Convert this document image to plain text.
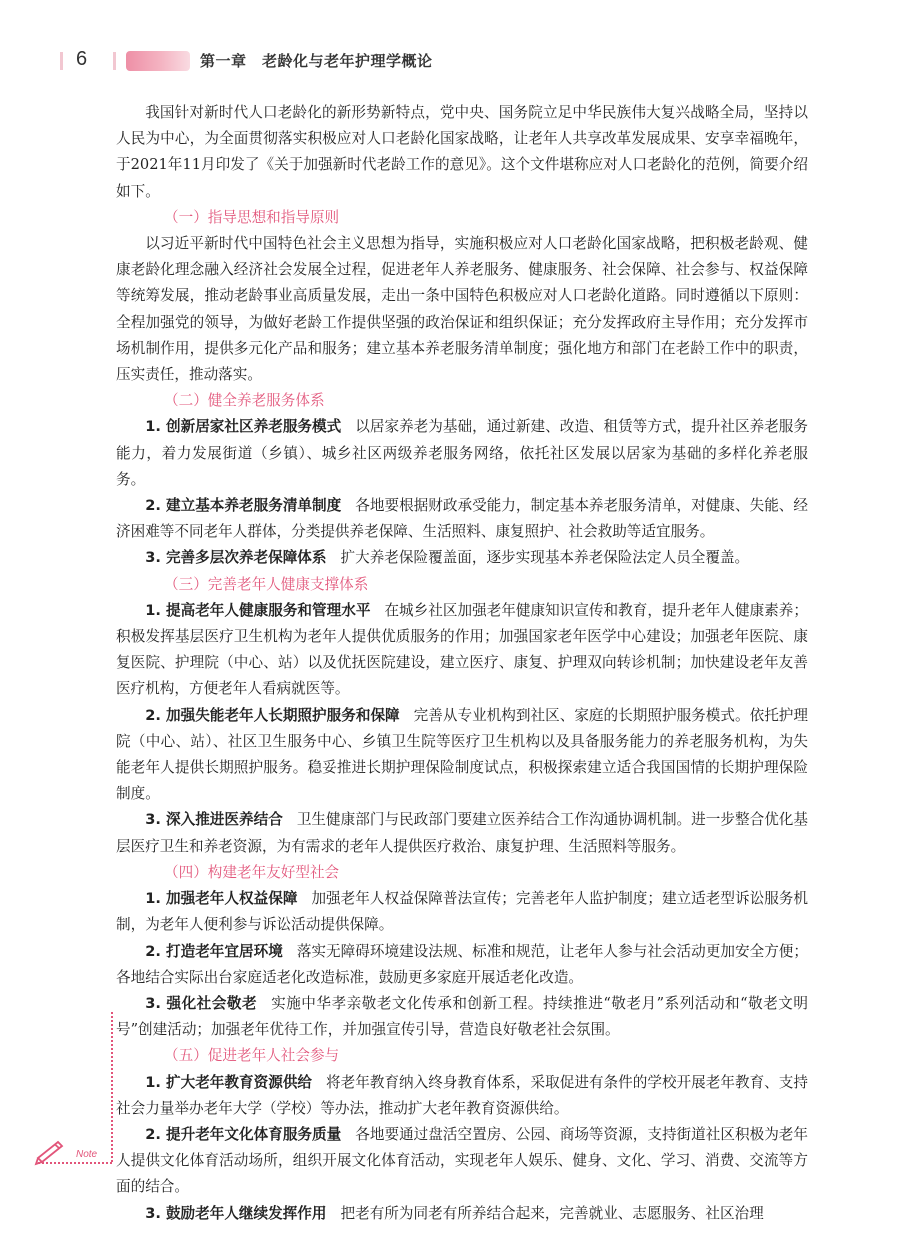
6	第一章　老龄化与老年护理学概论

我国针对新时代人口老龄化的新形势新特点，党中央、国务院立足中华民族伟大复兴战略全局，坚持以人民为中心，为全面贯彻落实积极应对人口老龄化国家战略，让老年人共享改革发展成果、安享幸福晚年，于2021年11月印发了《关于加强新时代老龄工作的意见》。这个文件堪称应对人口老龄化的范例，简要介绍如下。

（一）指导思想和指导原则

以习近平新时代中国特色社会主义思想为指导，实施积极应对人口老龄化国家战略，把积极老龄观、健康老龄化理念融入经济社会发展全过程，促进老年人养老服务、健康服务、社会保障、社会参与、权益保障等统筹发展，推动老龄事业高质量发展，走出一条中国特色积极应对人口老龄化道路。同时遵循以下原则：全程加强党的领导，为做好老龄工作提供坚强的政治保证和组织保证；充分发挥政府主导作用；充分发挥市场机制作用，提供多元化产品和服务；建立基本养老服务清单制度；强化地方和部门在老龄工作中的职责，压实责任，推动落实。

（二）健全养老服务体系

1. 创新居家社区养老服务模式 以居家养老为基础，通过新建、改造、租赁等方式，提升社区养老服务能力，着力发展街道（乡镇）、城乡社区两级养老服务网络，依托社区发展以居家为基础的多样化养老服务。

2. 建立基本养老服务清单制度 各地要根据财政承受能力，制定基本养老服务清单，对健康、失能、经济困难等不同老年人群体，分类提供养老保障、生活照料、康复照护、社会救助等适宜服务。

3. 完善多层次养老保障体系 扩大养老保险覆盖面，逐步实现基本养老保险法定人员全覆盖。

（三）完善老年人健康支撑体系

1. 提高老年人健康服务和管理水平 在城乡社区加强老年健康知识宣传和教育，提升老年人健康素养；积极发挥基层医疗卫生机构为老年人提供优质服务的作用；加强国家老年医学中心建设；加强老年医院、康复医院、护理院（中心、站）以及优抚医院建设，建立医疗、康复、护理双向转诊机制；加快建设老年友善医疗机构，方便老年人看病就医等。

2. 加强失能老年人长期照护服务和保障 完善从专业机构到社区、家庭的长期照护服务模式。依托护理院（中心、站）、社区卫生服务中心、乡镇卫生院等医疗卫生机构以及具备服务能力的养老服务机构，为失能老年人提供长期照护服务。稳妥推进长期护理保险制度试点，积极探索建立适合我国国情的长期护理保险制度。

3. 深入推进医养结合 卫生健康部门与民政部门要建立医养结合工作沟通协调机制。进一步整合优化基层医疗卫生和养老资源，为有需求的老年人提供医疗救治、康复护理、生活照料等服务。

（四）构建老年友好型社会

1. 加强老年人权益保障 加强老年人权益保障普法宣传；完善老年人监护制度；建立适老型诉讼服务机制，为老年人便利参与诉讼活动提供保障。

2. 打造老年宜居环境 落实无障碍环境建设法规、标准和规范，让老年人参与社会活动更加安全方便；各地结合实际出台家庭适老化改造标准，鼓励更多家庭开展适老化改造。

3. 强化社会敬老 实施中华孝亲敬老文化传承和创新工程。持续推进“敬老月”系列活动和“敬老文明号”创建活动；加强老年优待工作，并加强宣传引导，营造良好敬老社会氛围。

（五）促进老年人社会参与

1. 扩大老年教育资源供给 将老年教育纳入终身教育体系，采取促进有条件的学校开展老年教育、支持社会力量举办老年大学（学校）等办法，推动扩大老年教育资源供给。

2. 提升老年文化体育服务质量 各地要通过盘活空置房、公园、商场等资源，支持街道社区积极为老年人提供文化体育活动场所，组织开展文化体育活动，实现老年人娱乐、健身、文化、学习、消费、交流等方面的结合。

3. 鼓励老年人继续发挥作用 把老有所为同老有所养结合起来，完善就业、志愿服务、社区治理

Note
